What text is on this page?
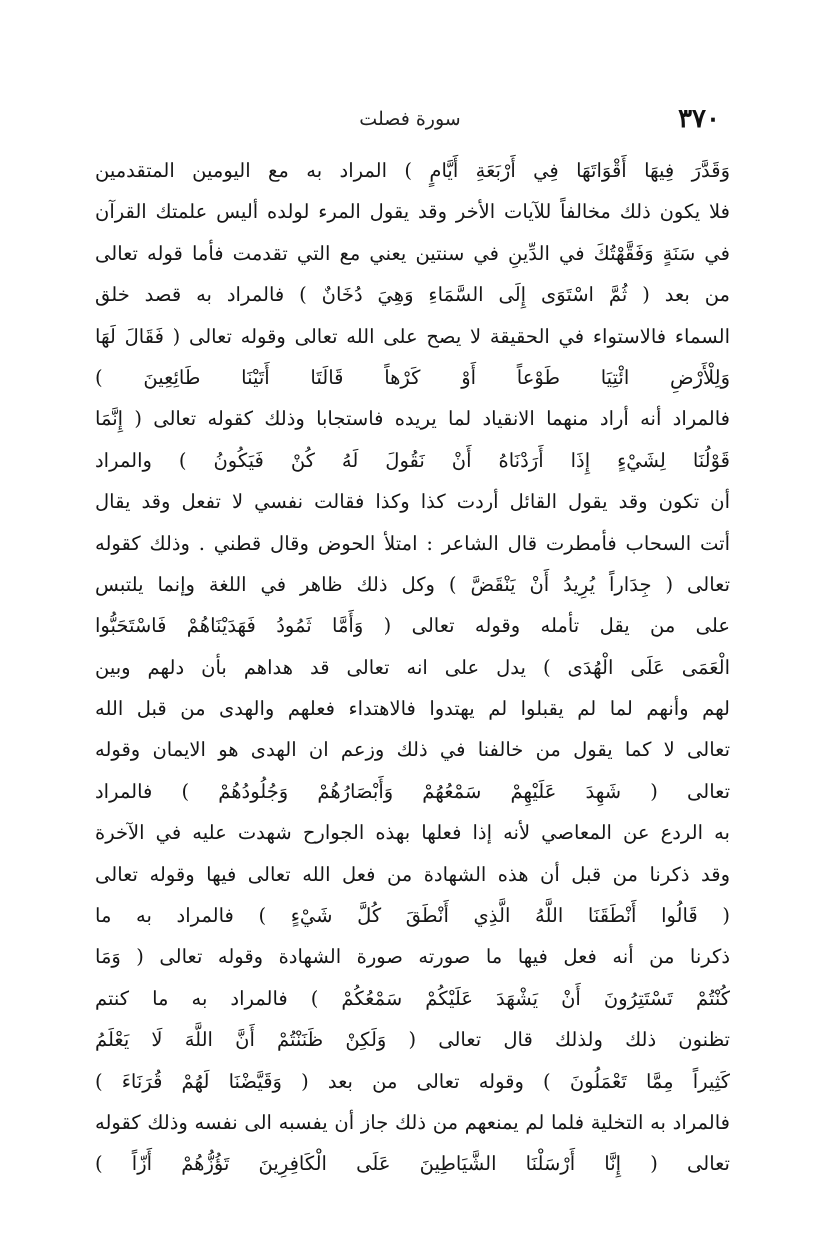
٣٧٠
سورة فصلت
وَقَدَّرَ فِيهَا أَقْوَاتَهَا فِي أَرْبَعَةِ أَيَّامٍ ) المراد به مع اليومين المتقدمين
فلا يكون ذلك مخالفاً للآيات الأخر وقد يقول المرء لولده أليس علمتك القرآن
في سَنَةٍ وَفَقَّهْتُكَ في الدِّينِ في سنتين يعني مع التي تقدمت فأما قوله تعالى
من بعد ( ثُمَّ اسْتَوَى إِلَى السَّمَاءِ وَهِيَ دُخَانٌ ) فالمراد به قصد خلق
السماء فالاستواء في الحقيقة لا يصح على الله تعالى وقوله تعالى ( فَقَالَ لَهَا
وَلِلْأَرْضِ ائْتِيَا طَوْعاً أَوْ كَرْهاً قَالَتَا أَتَيْنَا طَائِعِينَ )
فالمراد أنه أراد منهما الانقياد لما يريده فاستجابا وذلك كقوله تعالى ( إِنَّمَا
قَوْلُنَا لِشَيْءٍ إِذَا أَرَدْنَاهُ أَنْ نَقُولَ لَهُ كُنْ فَيَكُونُ ) والمراد
أن تكون وقد يقول القائل أردت كذا وكذا فقالت نفسي لا تفعل وقد يقال
أتت السحاب فأمطرت قال الشاعر : امتلأ الحوض وقال قطني . وذلك كقوله
تعالى ( جِدَاراً يُرِيدُ أَنْ يَنْقَضَّ ) وكل ذلك ظاهر في اللغة وإنما يلتبس
على من يقل تأمله وقوله تعالى ( وَأَمَّا ثَمُودُ فَهَدَيْنَاهُمْ فَاسْتَحَبُّوا
الْعَمَى عَلَى الْهُدَى ) يدل على انه تعالى قد هداهم بأن دلهم وبين
لهم وأنهم لما لم يقبلوا لم يهتدوا فالاهتداء فعلهم والهدى من قبل الله
تعالى لا كما يقول من خالفنا في ذلك وزعم ان الهدى هو الايمان وقوله
تعالى ( شَهِدَ عَلَيْهِمْ سَمْعُهُمْ وَأَبْصَارُهُمْ وَجُلُودُهُمْ ) فالمراد
به الردع عن المعاصي لأنه إذا فعلها بهذه الجوارح شهدت عليه في الآخرة
وقد ذكرنا من قبل أن هذه الشهادة من فعل الله تعالى فيها وقوله تعالى
( قَالُوا أَنْطَقَنَا اللَّهُ الَّذِي أَنْطَقَ كُلَّ شَيْءٍ ) فالمراد به ما
ذكرنا من أنه فعل فيها ما صورته صورة الشهادة وقوله تعالى ( وَمَا
كُنْتُمْ تَسْتَتِرُونَ أَنْ يَشْهَدَ عَلَيْكُمْ سَمْعُكُمْ ) فالمراد به ما كنتم
تظنون ذلك ولذلك قال تعالى ( وَلَكِنْ ظَنَنْتُمْ أَنَّ اللَّهَ لَا يَعْلَمُ
كَثِيراً مِمَّا تَعْمَلُونَ ) وقوله تعالى من بعد ( وَقَيَّضْنَا لَهُمْ قُرَنَاءَ )
فالمراد به التخلية فلما لم يمنعهم من ذلك جاز أن يفسبه الى نفسه وذلك كقوله
تعالى ( إِنَّا أَرْسَلْنَا الشَّيَاطِينَ عَلَى الْكَافِرِينَ تَؤُزُّهُمْ أَزّاً )
